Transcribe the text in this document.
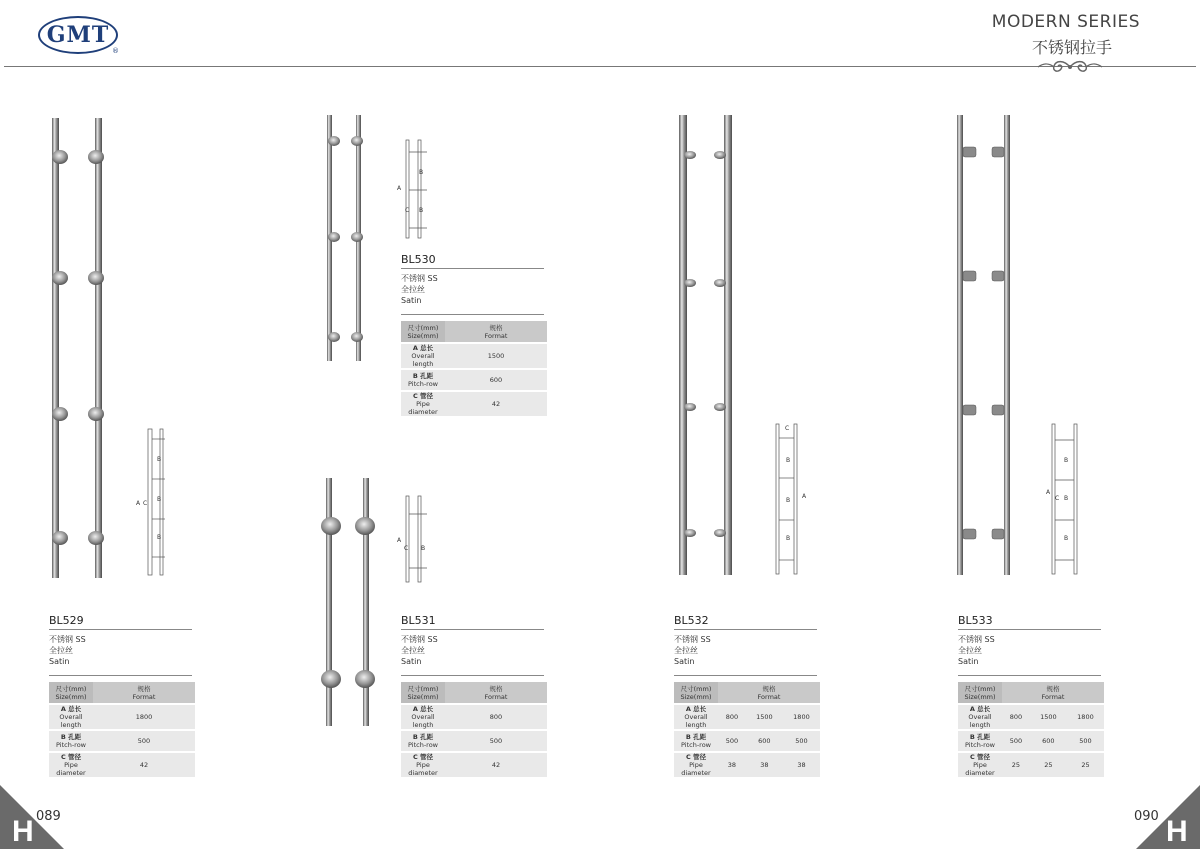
GMT
®
MODERN SERIES
不锈钢拉手
B
B
B
A C
B
B
A
C
B
A
C
C
B
B
B
A
B
B
B
A
C
BL529
不锈钢 SS
全拉丝
Satin
尺寸(mm)
Size(mm)	规格
Format
A 总长
Overall length	1800
B 孔距
Pitch-row	500
C 管径
Pipe diameter	42
BL530
不锈钢 SS
全拉丝
Satin
尺寸(mm)
Size(mm)	规格
Format
A 总长
Overall length	1500
B 孔距
Pitch-row	600
C 管径
Pipe diameter	42
BL531
不锈钢 SS
全拉丝
Satin
尺寸(mm)
Size(mm)	规格
Format
A 总长
Overall length	800
B 孔距
Pitch-row	500
C 管径
Pipe diameter	42
BL532
不锈钢 SS
全拉丝
Satin
尺寸(mm)
Size(mm)	规格
Format		
A 总长
Overall length	800	1500	1800
B 孔距
Pitch-row	500	600	500
C 管径
Pipe diameter	38	38	38
BL533
不锈钢 SS
全拉丝
Satin
尺寸(mm)
Size(mm)	规格
Format		
A 总长
Overall length	800	1500	1800
B 孔距
Pitch-row	500	600	500
C 管径
Pipe diameter	25	25	25
H 089	H
090
